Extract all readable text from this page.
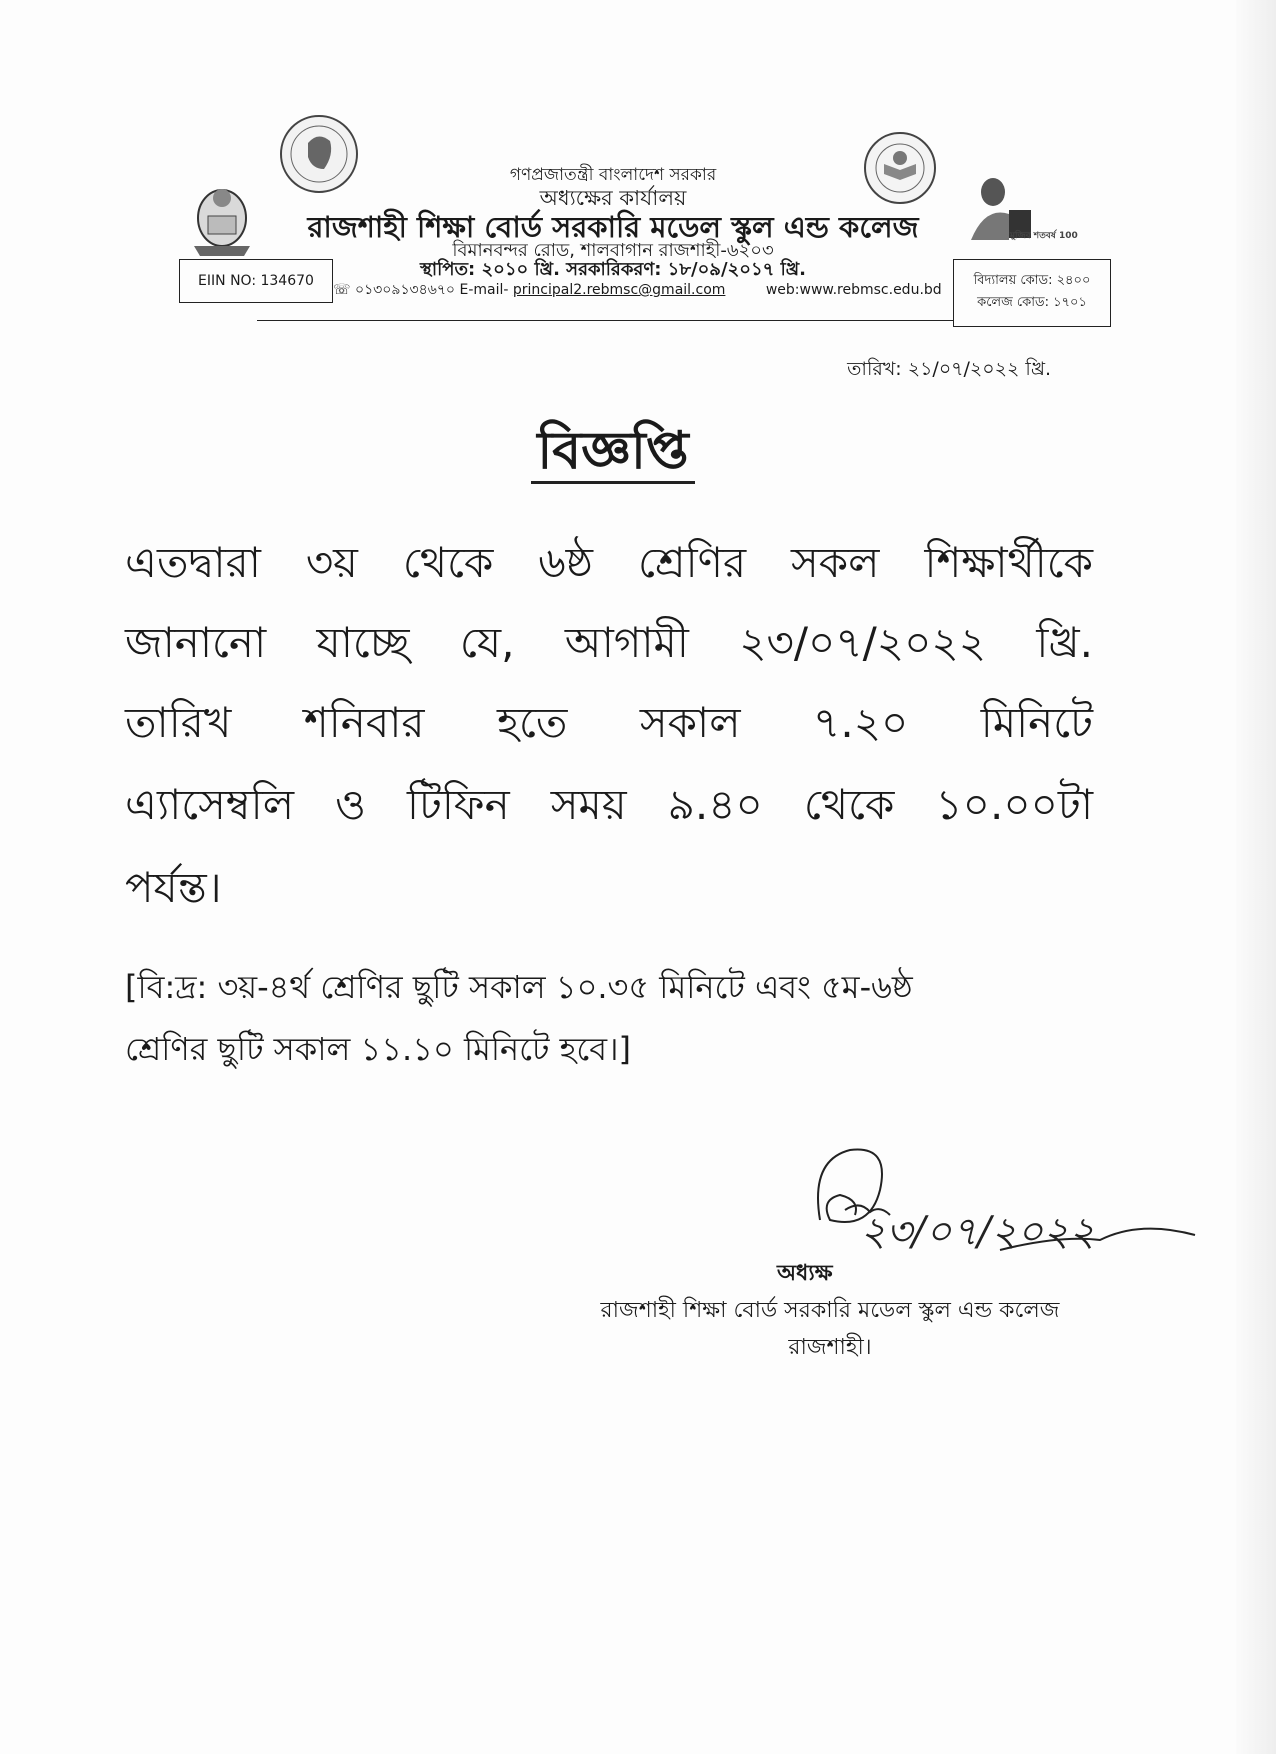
মুজিব শতবর্ষ 100
গণপ্রজাতন্ত্রী বাংলাদেশ সরকার
অধ্যক্ষের কার্যালয়
রাজশাহী শিক্ষা বোর্ড সরকারি মডেল স্কুল এন্ড কলেজ
বিমানবন্দর রোড, শালবাগান রাজশাহী-৬২০৩
স্থাপিত: ২০১০ খ্রি. সরকারিকরণ: ১৮/০৯/২০১৭ খ্রি.
☏ ০১৩০৯১৩৪৬৭০ E-mail- principal2.rebmsc@gmail.com	web:www.rebmsc.edu.bd
EIIN NO: 134670	বিদ্যালয় কোড: ২৪০০
কলেজ কোড: ১৭০১
তারিখ: ২১/০৭/২০২২ খ্রি.
বিজ্ঞপ্তি
এতদ্বারা ৩য় থেকে ৬ষ্ঠ শ্রেণির সকল শিক্ষার্থীকে
জানানো যাচ্ছে যে, আগামী ২৩/০৭/২০২২ খ্রি.
তারিখ শনিবার হতে সকাল ৭.২০ মিনিটে
এ্যাসেম্বলি ও টিফিন সময় ৯.৪০ থেকে ১০.০০টা
পর্যন্ত।
[বি:দ্র: ৩য়-৪র্থ শ্রেণির ছুটি সকাল ১০.৩৫ মিনিটে এবং ৫ম-৬ষ্ঠ
শ্রেণির ছুটি সকাল ১১.১০ মিনিটে হবে।]
২৩/০৭/২০২২
অধ্যক্ষ
রাজশাহী শিক্ষা বোর্ড সরকারি মডেল স্কুল এন্ড কলেজ
রাজশাহী।
